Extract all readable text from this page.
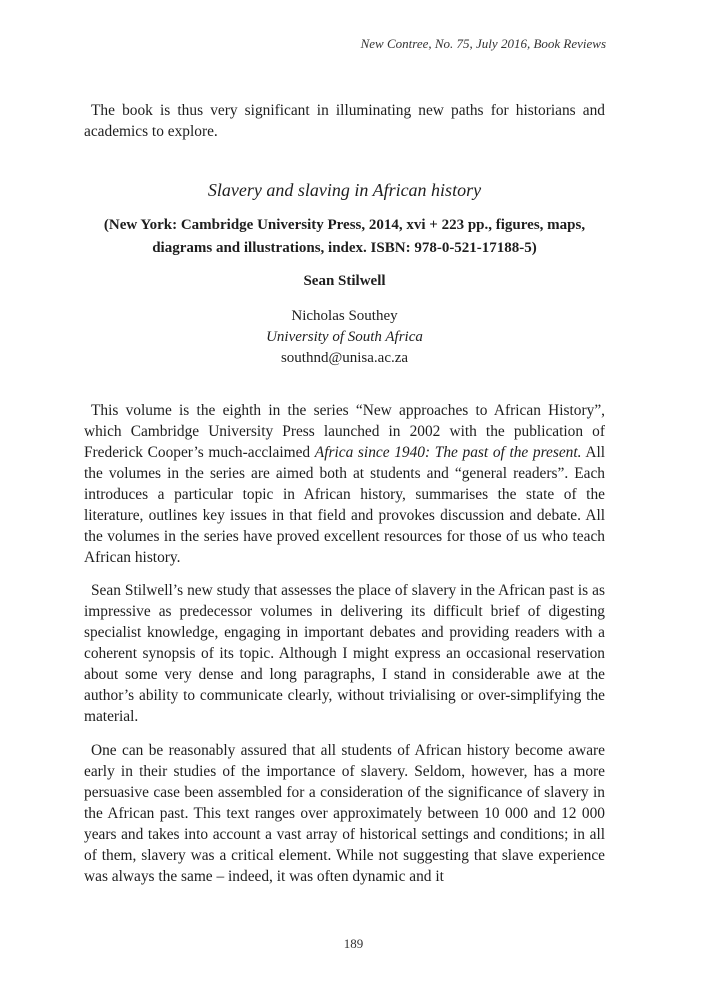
New Contree, No. 75, July 2016, Book Reviews

The book is thus very significant in illuminating new paths for historians and academics to explore.

Slavery and slaving in African history
(New York: Cambridge University Press, 2014, xvi + 223 pp., figures, maps, diagrams and illustrations, index. ISBN: 978-0-521-17188-5)
Sean Stilwell
Nicholas Southey
University of South Africa
southnd@unisa.ac.za

This volume is the eighth in the series “New approaches to African History”, which Cambridge University Press launched in 2002 with the publication of Frederick Cooper’s much-acclaimed Africa since 1940: The past of the present. All the volumes in the series are aimed both at students and “general readers”. Each introduces a particular topic in African history, summarises the state of the literature, outlines key issues in that field and provokes discussion and debate. All the volumes in the series have proved excellent resources for those of us who teach African history.

Sean Stilwell’s new study that assesses the place of slavery in the African past is as impressive as predecessor volumes in delivering its difficult brief of digesting specialist knowledge, engaging in important debates and providing readers with a coherent synopsis of its topic. Although I might express an occasional reservation about some very dense and long paragraphs, I stand in considerable awe at the author’s ability to communicate clearly, without trivialising or over-simplifying the material.

One can be reasonably assured that all students of African history become aware early in their studies of the importance of slavery. Seldom, however, has a more persuasive case been assembled for a consideration of the significance of slavery in the African past. This text ranges over approximately between 10 000 and 12 000 years and takes into account a vast array of historical settings and conditions; in all of them, slavery was a critical element. While not suggesting that slave experience was always the same – indeed, it was often dynamic and it

189
